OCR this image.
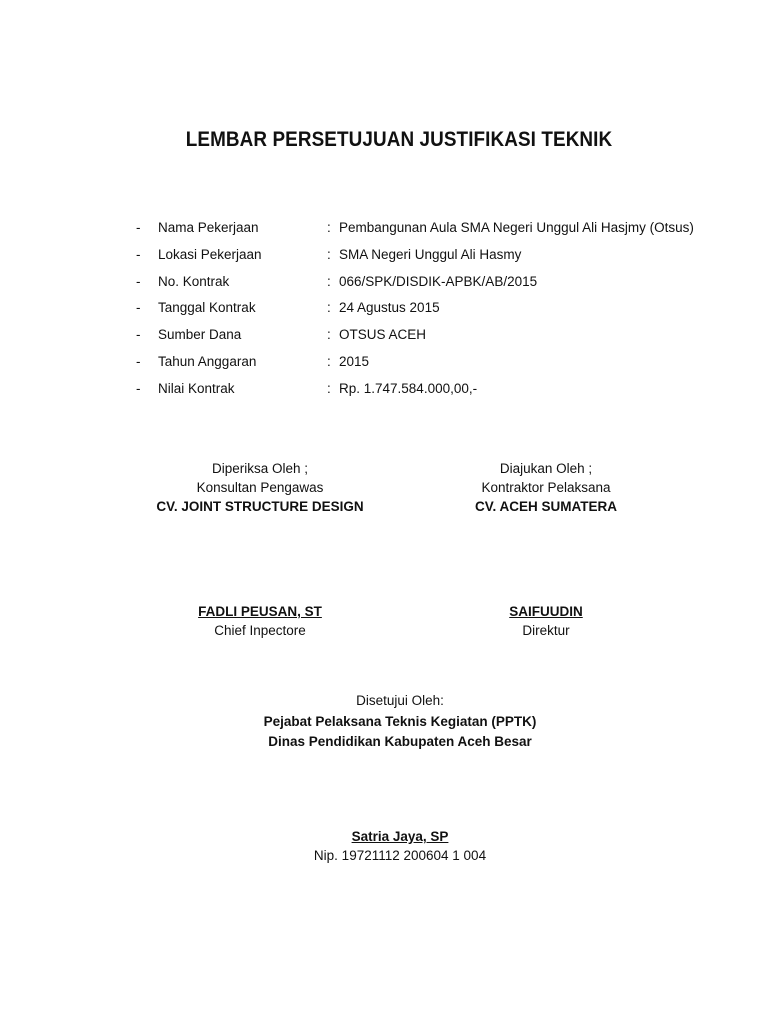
LEMBAR PERSETUJUAN JUSTIFIKASI TEKNIK
- Nama Pekerjaan	: Pembangunan Aula SMA Negeri Unggul Ali Hasjmy (Otsus)
- Lokasi Pekerjaan	: SMA Negeri Unggul Ali Hasmy
- No. Kontrak	: 066/SPK/DISDIK-APBK/AB/2015
- Tanggal Kontrak	: 24 Agustus 2015
- Sumber Dana	: OTSUS ACEH
- Tahun Anggaran	: 2015
- Nilai Kontrak	: Rp. 1.747.584.000,00,-
Diperiksa Oleh ;
Konsultan Pengawas
CV. JOINT STRUCTURE DESIGN
FADLI PEUSAN, ST
Chief Inpectore
Diajukan Oleh ;
Kontraktor Pelaksana
CV. ACEH SUMATERA
SAIFUUDIN
Direktur
Disetujui Oleh:
Pejabat Pelaksana Teknis Kegiatan (PPTK)
Dinas Pendidikan Kabupaten Aceh Besar
Satria Jaya, SP
Nip. 19721112 200604 1 004
